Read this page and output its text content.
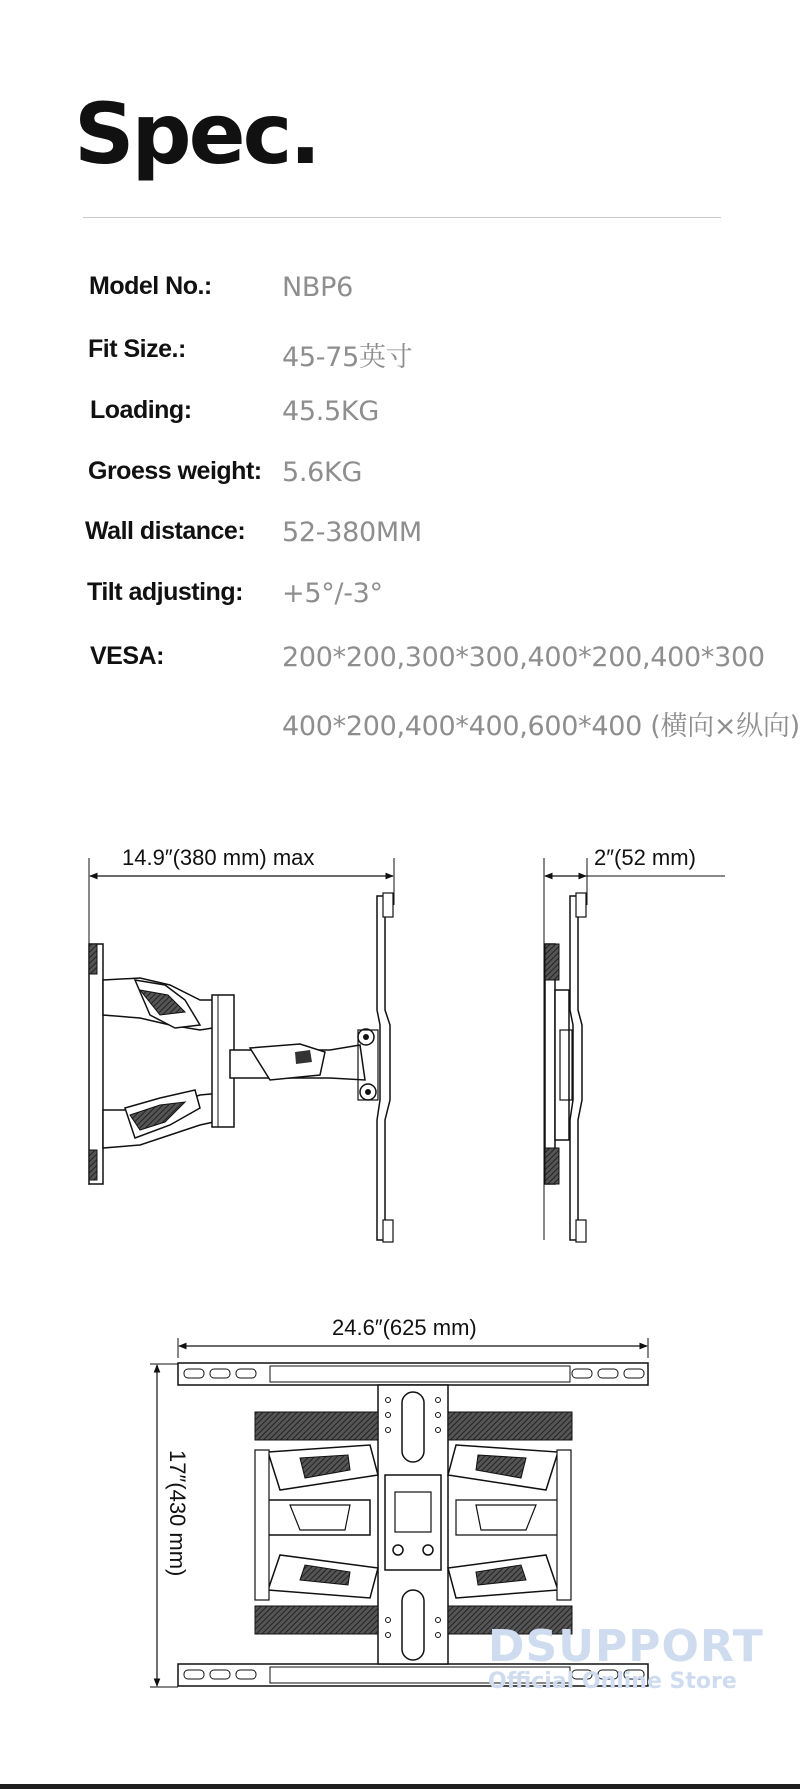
Spec.
Model No.:	NBP6
Fit Size.:	45-75英寸
Loading:	45.5KG
Groess weight: 5.6KG
Wall distance: 52-380MM
Tilt adjusting: +5°/-3°
VESA:	200*200,300*300,400*200,400*300
400*200,400*400,600*400 (横向×纵向)
14.9″(380 mm) max	2″(52 mm)
24.6″(625 mm)
17″(430 mm)
DSUPPORT
Official Online Store
